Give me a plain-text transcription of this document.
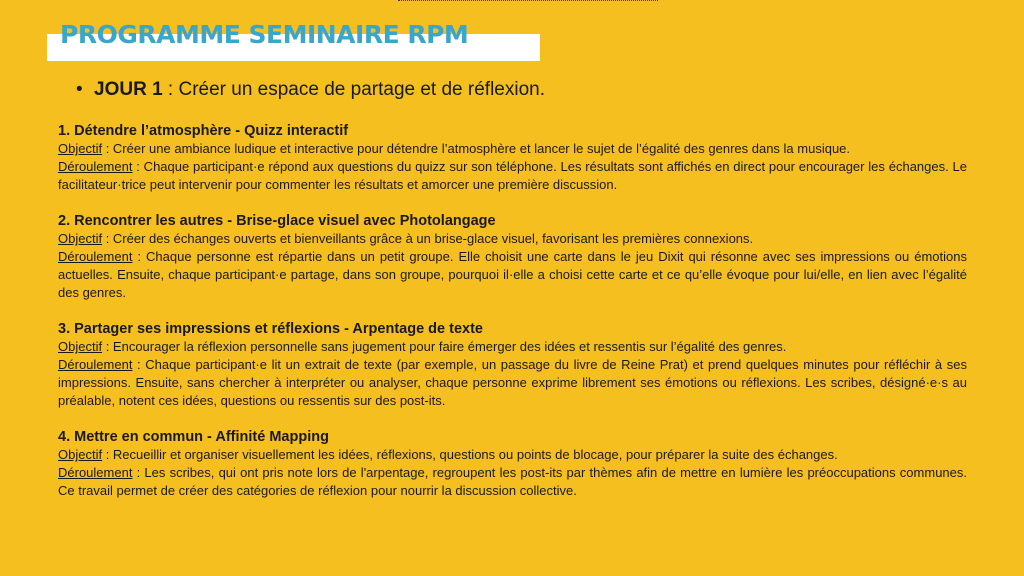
PROGRAMME SEMINAIRE RPM
• JOUR 1 : Créer un espace de partage et de réflexion.
1. Détendre l’atmosphère - Quizz interactif

Objectif : Créer une ambiance ludique et interactive pour détendre l’atmosphère et lancer le sujet de l’égalité des genres dans la musique.

Déroulement : Chaque participant·e répond aux questions du quizz sur son téléphone. Les résultats sont affichés en direct pour encourager les échanges. Le facilitateur·trice peut intervenir pour commenter les résultats et amorcer une première discussion.

2. Rencontrer les autres - Brise-glace visuel avec Photolangage

Objectif : Créer des échanges ouverts et bienveillants grâce à un brise-glace visuel, favorisant les premières connexions.

Déroulement : Chaque personne est répartie dans un petit groupe. Elle choisit une carte dans le jeu Dixit qui résonne avec ses impressions ou émotions actuelles. Ensuite, chaque participant·e partage, dans son groupe, pourquoi il·elle a choisi cette carte et ce qu’elle évoque pour lui/elle, en lien avec l’égalité des genres.

3. Partager ses impressions et réflexions - Arpentage de texte

Objectif : Encourager la réflexion personnelle sans jugement pour faire émerger des idées et ressentis sur l’égalité des genres.

Déroulement : Chaque participant·e lit un extrait de texte (par exemple, un passage du livre de Reine Prat) et prend quelques minutes pour réfléchir à ses impressions. Ensuite, sans chercher à interpréter ou analyser, chaque personne exprime librement ses émotions ou réflexions. Les scribes, désigné·e·s au préalable, notent ces idées, questions ou ressentis sur des post-its.

4. Mettre en commun - Affinité Mapping

Objectif : Recueillir et organiser visuellement les idées, réflexions, questions ou points de blocage, pour préparer la suite des échanges.

Déroulement : Les scribes, qui ont pris note lors de l'arpentage, regroupent les post-its par thèmes afin de mettre en lumière les préoccupations communes. Ce travail permet de créer des catégories de réflexion pour nourrir la discussion collective.
